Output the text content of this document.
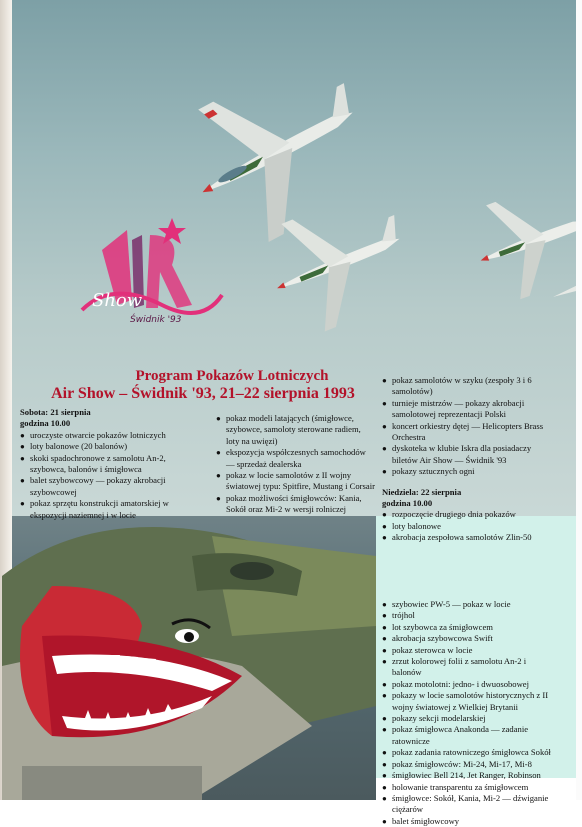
Show
Świdnik '93
Program Pokazów Lotniczych
Air Show – Świdnik '93, 21–22 sierpnia 1993
Sobota: 21 sierpnia
godzina 10.00
● uroczyste otwarcie pokazów lotniczych
● loty balonowe (20 balonów)
● skoki spadochronowe z samolotu An-2, szybowca, balonów i śmigłowca
● balet szybowcowy — pokazy akrobacji szybowcowej
● pokaz sprzętu konstrukcji amatorskiej w ekspozycji naziemnej i w locie
● pokaz modeli latających (śmigłowce, szybowce, samoloty sterowane radiem, loty na uwięzi)
● ekspozycja współczesnych samochodów — sprzedaż dealerska
● pokaz w locie samolotów z II wojny światowej typu: Spitfire, Mustang i Corsair
● pokaz możliwości śmigłowców: Kania, Sokół oraz Mi-2 w wersji rolniczej
● pokaz samolotów w szyku (zespoły 3 i 6 samolotów)
● turnieje mistrzów — pokazy akrobacji samolotowej reprezentacji Polski
● koncert orkiestry dętej — Helicopters Brass Orchestra
● dyskoteka w klubie Iskra dla posiadaczy biletów Air Show — Świdnik '93
● pokazy sztucznych ogni
Niedziela: 22 sierpnia
godzina 10.00
● rozpoczęcie drugiego dnia pokazów
● loty balonowe
● akrobacja zespołowa samolotów Zlin-50
● szybowiec PW-5 — pokaz w locie
● trójhol
● lot szybowca za śmigłowcem
● akrobacja szybowcowa Swift
● pokaz sterowca w locie
● zrzut kolorowej folii z samolotu An-2 i balonów
● pokaz motolotni: jedno- i dwuosobowej
● pokazy w locie samolotów historycznych z II wojny światowej z Wielkiej Brytanii
● pokazy sekcji modelarskiej
● pokaz śmigłowca Anakonda — zadanie ratownicze
● pokaz zadania ratowniczego śmigłowca Sokół
● pokaz śmigłowców: Mi-24, Mi-17, Mi-8
● śmigłowiec Bell 214, Jet Ranger, Robinson
● holowanie transparentu za śmigłowcem
● śmigłowce: Sokół, Kania, Mi-2 — dźwiganie ciężarów
● balet śmigłowcowy
